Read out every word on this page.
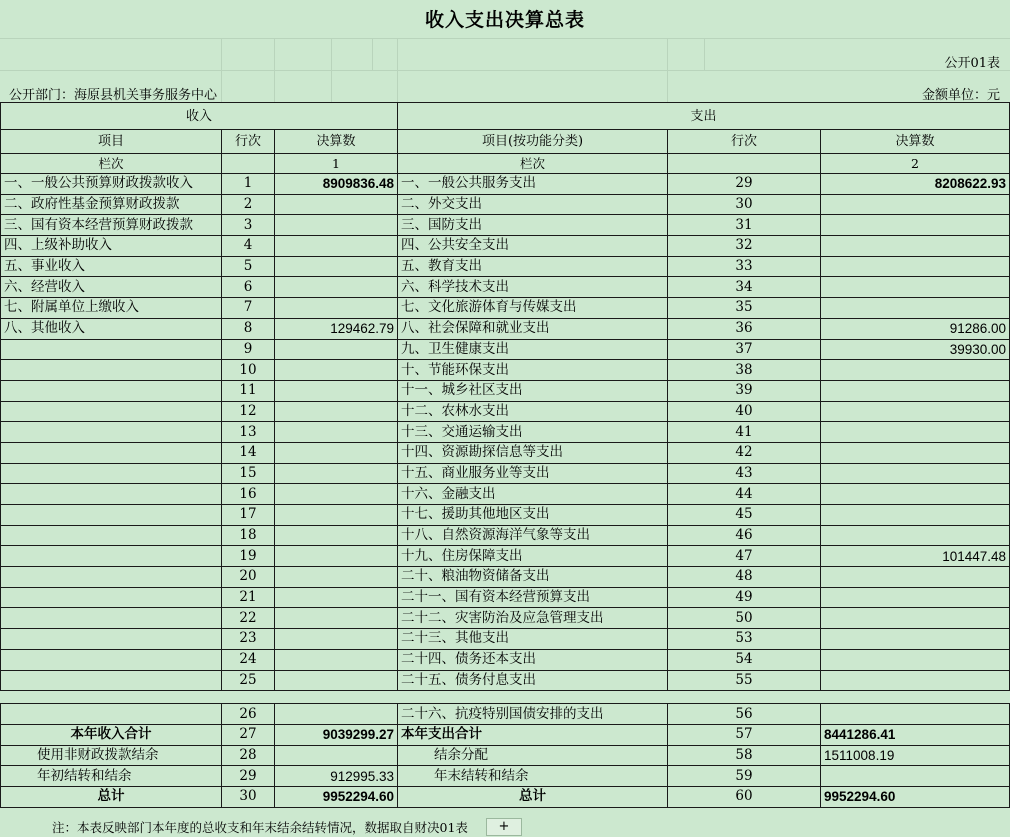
收入支出决算总表
公开01表
公开部门：海原县机关事务服务中心	金额单位：元
收入			支出		
项目	行次	决算数	项目(按功能分类)	行次	决算数
栏次		1	栏次		2
一、一般公共预算财政拨款收入	1	8909836.48	一、一般公共服务支出	29	8208622.93
二、政府性基金预算财政拨款	2		二、外交支出	30	
三、国有资本经营预算财政拨款	3		三、国防支出	31	
四、上级补助收入	4		四、公共安全支出	32	
五、事业收入	5		五、教育支出	33	
六、经营收入	6		六、科学技术支出	34	
七、附属单位上缴收入	7		七、文化旅游体育与传媒支出	35	
八、其他收入	8	129462.79	八、社会保障和就业支出	36	91286.00
	9		九、卫生健康支出	37	39930.00
	10		十、节能环保支出	38	
	11		十一、城乡社区支出	39	
	12		十二、农林水支出	40	
	13		十三、交通运输支出	41	
	14		十四、资源勘探信息等支出	42	
	15		十五、商业服务业等支出	43	
	16		十六、金融支出	44	
	17		十七、援助其他地区支出	45	
	18		十八、自然资源海洋气象等支出	46	
	19		十九、住房保障支出	47	101447.48
	20		二十、粮油物资储备支出	48	
	21		二十一、国有资本经营预算支出	49	
	22		二十二、灾害防治及应急管理支出	50	
	23		二十三、其他支出	53	
	24		二十四、债务还本支出	54	
	25		二十五、债务付息支出	55	

	26		二十六、抗疫特别国债安排的支出	56	
本年收入合计	27	9039299.27	本年支出合计	57	8441286.41
使用非财政拨款结余	28		结余分配	58	1511008.19
年初结转和结余	29	912995.33	年末结转和结余	59	
总计	30	9952294.60	总计	60	9952294.60
注：本表反映部门本年度的总收支和年末结余结转情况，数据取自财决01表	+
